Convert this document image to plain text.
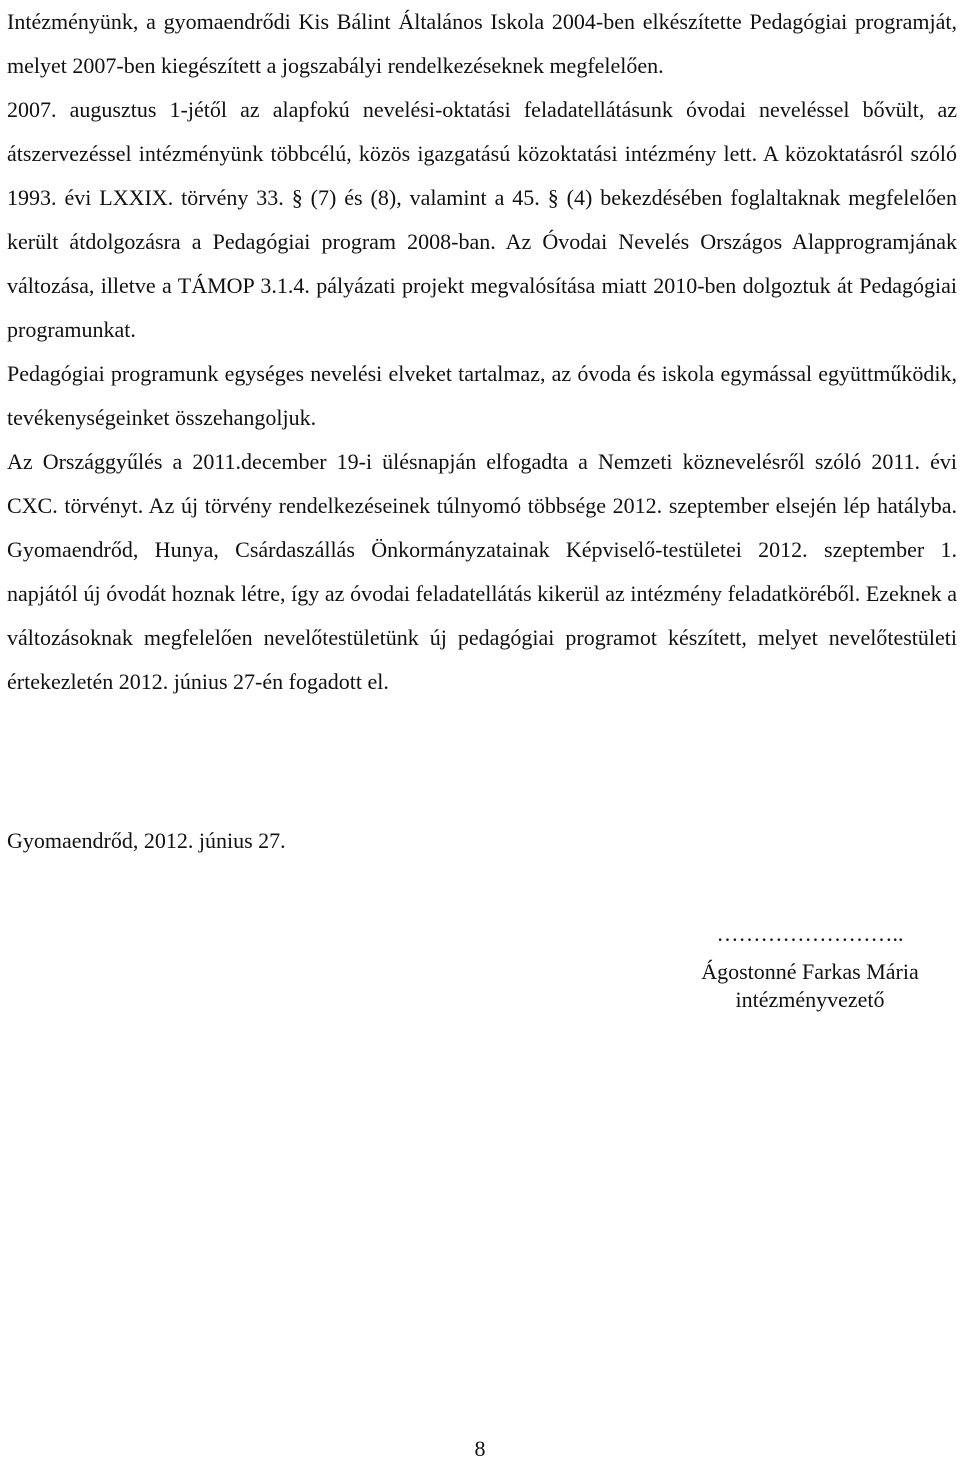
Intézményünk, a gyomaendrődi Kis Bálint Általános Iskola 2004-ben elkészítette Pedagógiai programját, melyet 2007-ben kiegészített a jogszabályi rendelkezéseknek megfelelően.

2007. augusztus 1-jétől az alapfokú nevelési-oktatási feladatellátásunk óvodai neveléssel bővült, az átszervezéssel intézményünk többcélú, közös igazgatású közoktatási intézmény lett. A közoktatásról szóló 1993. évi LXXIX. törvény 33. § (7) és (8), valamint a 45. § (4) bekezdésében foglaltaknak megfelelően került átdolgozásra a Pedagógiai program 2008-ban. Az Óvodai Nevelés Országos Alapprogramjának változása, illetve a TÁMOP 3.1.4. pályázati projekt megvalósítása miatt 2010-ben dolgoztuk át Pedagógiai programunkat.

Pedagógiai programunk egységes nevelési elveket tartalmaz, az óvoda és iskola egymással együttműködik, tevékenységeinket összehangoljuk.

Az Országgyűlés a 2011.december 19-i ülésnapján elfogadta a Nemzeti köznevelésről szóló 2011. évi CXC. törvényt. Az új törvény rendelkezéseinek túlnyomó többsége 2012. szeptember elsején lép hatályba. Gyomaendrőd, Hunya, Csárdaszállás Önkormányzatainak Képviselő-testületei 2012. szeptember 1. napjától új óvodát hoznak létre, így az óvodai feladatellátás kikerül az intézmény feladatköréből. Ezeknek a változásoknak megfelelően nevelőtestületünk új pedagógiai programot készített, melyet nevelőtestületi értekezletén 2012. június 27-én fogadott el.

Gyomaendrőd, 2012. június 27.

……………………..
Ágostonné Farkas Mária
intézményvezető
8
